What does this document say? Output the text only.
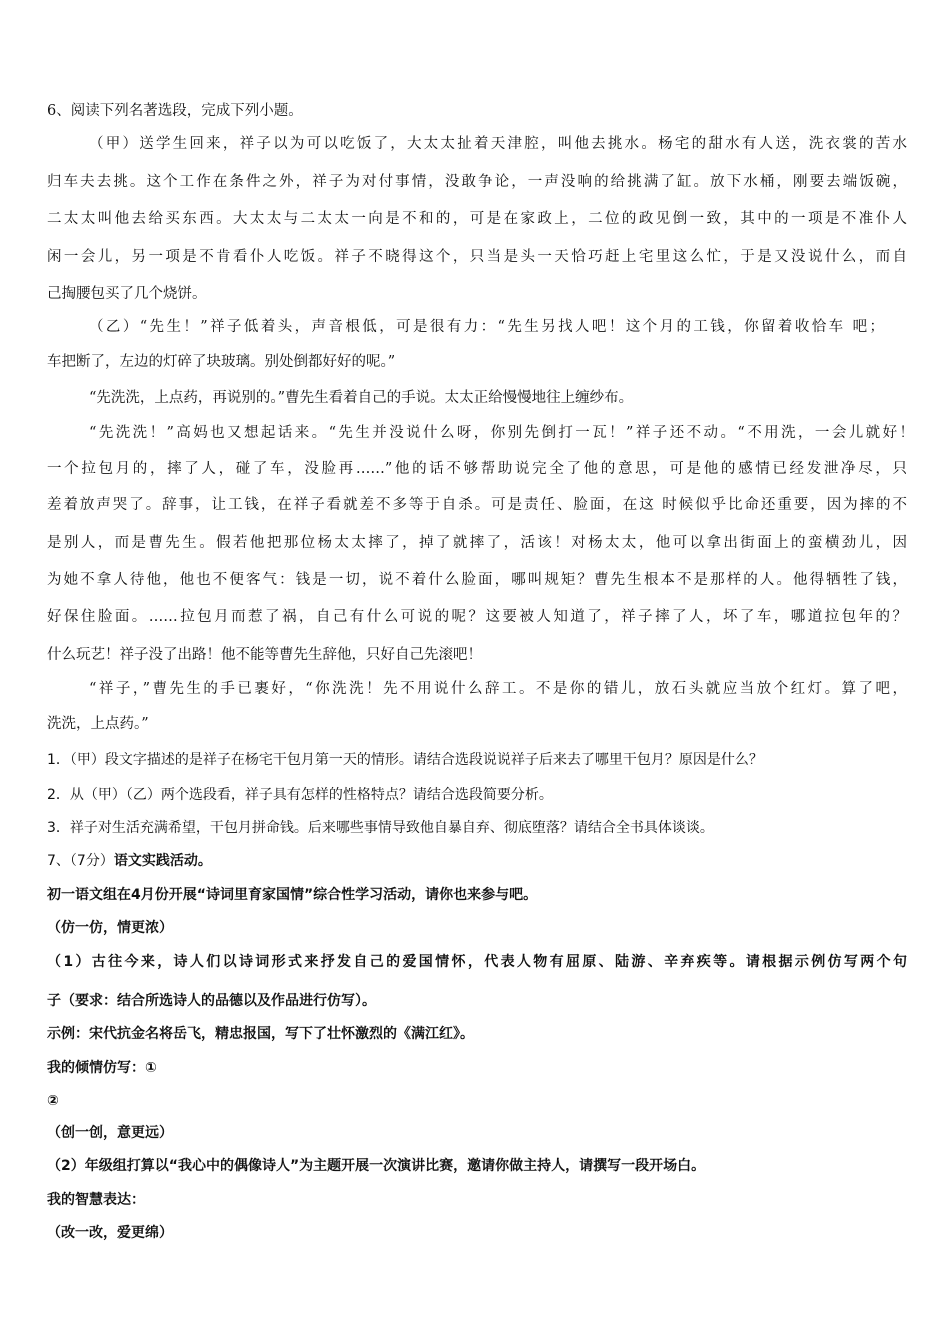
6、阅读下列名著选段，完成下列小题。
（甲）送学生回来，祥子以为可以吃饭了，大太太扯着天津腔，叫他去挑水。杨宅的甜水有人送，洗衣裳的苦水
归车夫去挑。这个工作在条件之外，祥子为对付事情，没敢争论，一声没响的给挑满了缸。放下水桶，刚要去端饭碗，
二太太叫他去给买东西。大太太与二太太一向是不和的，可是在家政上，二位的政见倒一致，其中的一项是不准仆人
闲一会儿，另一项是不肯看仆人吃饭。祥子不晓得这个，只当是头一天恰巧赶上宅里这么忙，于是又没说什么，而自
己掏腰包买了几个烧饼。
（乙）“先生！”祥子低着头，声音根低，可是很有力：“先生另找人吧！这个月的工钱，你留着收恰车 吧；
车把断了，左边的灯碎了块玻璃。别处倒都好好的呢。”
“先洗洗，上点药，再说别的。”曹先生看着自己的手说。太太正给慢慢地往上缠纱布。
“先洗洗！”高妈也又想起话来。“先生并没说什么呀，你别先倒打一瓦！”祥子还不动。“不用洗，一会儿就好！
一个拉包月的，摔了人，碰了车，没脸再……”他的话不够帮助说完全了他的意思，可是他的感情已经发泄净尽，只
差着放声哭了。辞事，让工钱，在祥子看就差不多等于自杀。可是责任、脸面，在这 时候似乎比命还重要，因为摔的不
是别人，而是曹先生。假若他把那位杨太太摔了，掉了就摔了，活该！对杨太太，他可以拿出街面上的蛮横劲儿，因
为她不拿人待他，他也不便客气：钱是一切，说不着什么脸面，哪叫规矩？曹先生根本不是那样的人。他得牺牲了钱，
好保住脸面。……拉包月而惹了祸，自己有什么可说的呢？这要被人知道了，祥子摔了人，坏了车，哪道拉包年的？
什么玩艺！祥子没了出路！他不能等曹先生辞他，只好自己先滚吧！
“祥子，”曹先生的手已裹好，“你洗洗！先不用说什么辞工。不是你的错儿，放石头就应当放个红灯。算了吧，
洗洗，上点药。”
1．（甲）段文字描述的是祥子在杨宅干包月第一天的情形。请结合选段说说祥子后来去了哪里干包月？原因是什么？
2．从（甲）（乙）两个选段看，祥子具有怎样的性格特点？请结合选段简要分析。
3．祥子对生活充满希望，干包月拼命钱。后来哪些事情导致他自暴自弃、彻底堕落？请结合全书具体谈谈。
7、（7分）语文实践活动。
初一语文组在4月份开展“诗词里育家国情”综合性学习活动，请你也来参与吧。
（仿一仿，情更浓）
（1）古往今来，诗人们以诗词形式来抒发自己的爱国情怀，代表人物有屈原、陆游、辛弃疾等。请根据示例仿写两个句
子（要求：结合所选诗人的品德以及作品进行仿写）。
示例：宋代抗金名将岳飞，精忠报国，写下了壮怀激烈的《满江红》。
我的倾情仿写：①
②
（创一创，意更远）
（2）年级组打算以“我心中的偶像诗人”为主题开展一次演讲比赛，邀请你做主持人，请撰写一段开场白。
我的智慧表达：
（改一改，爱更绵）
